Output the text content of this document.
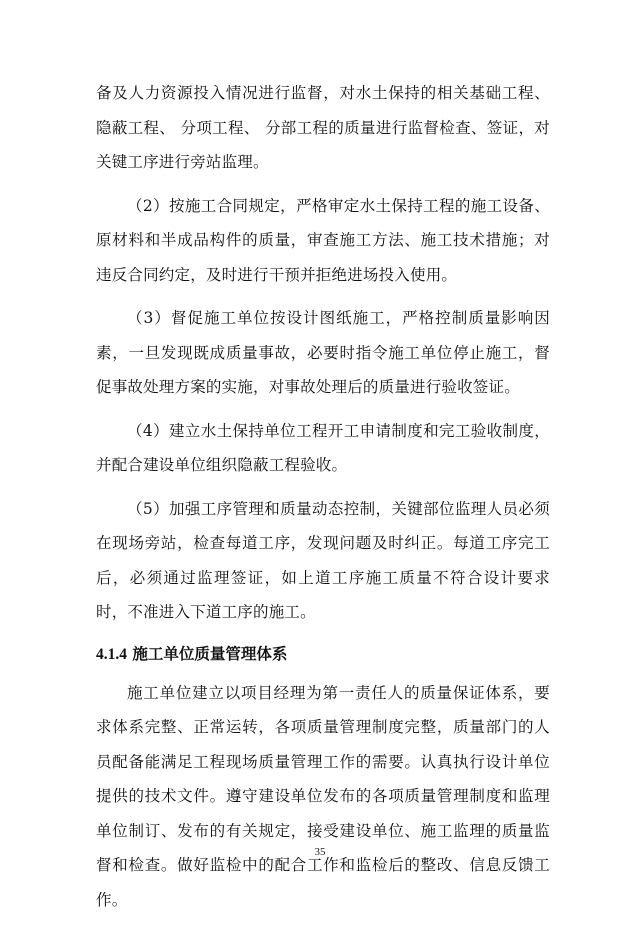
备及人力资源投入情况进行监督，对水土保持的相关基础工程、隐蔽工程、 分项工程、 分部工程的质量进行监督检查、签证，对关键工序进行旁站监理。

（2）按施工合同规定，严格审定水土保持工程的施工设备、原材料和半成品构件的质量，审查施工方法、施工技术措施；对违反合同约定，及时进行干预并拒绝进场投入使用。

（3）督促施工单位按设计图纸施工，严格控制质量影响因素，一旦发现既成质量事故，必要时指令施工单位停止施工，督促事故处理方案的实施，对事故处理后的质量进行验收签证。

（4）建立水土保持单位工程开工申请制度和完工验收制度，并配合建设单位组织隐蔽工程验收。

（5）加强工序管理和质量动态控制，关键部位监理人员必须在现场旁站，检查每道工序，发现问题及时纠正。每道工序完工后，必须通过监理签证，如上道工序施工质量不符合设计要求时，不准进入下道工序的施工。

4.1.4 施工单位质量管理体系

施工单位建立以项目经理为第一责任人的质量保证体系，要求体系完整、正常运转，各项质量管理制度完整，质量部门的人员配备能满足工程现场质量管理工作的需要。认真执行设计单位提供的技术文件。遵守建设单位发布的各项质量管理制度和监理单位制订、发布的有关规定，接受建设单位、施工监理的质量监督和检查。做好监检中的配合工作和监检后的整改、信息反馈工作。

35
